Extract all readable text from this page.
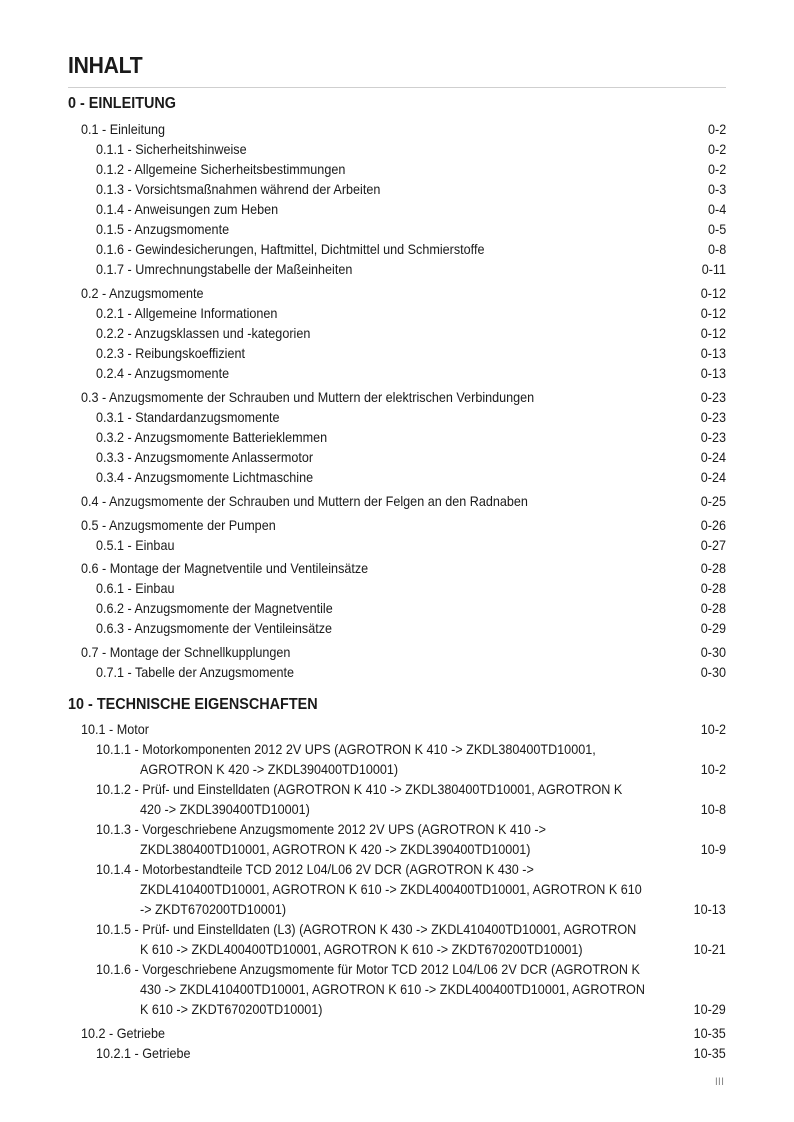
INHALT
0 - EINLEITUNG
0.1 - Einleitung	0-2
0.1.1 - Sicherheitshinweise	0-2
0.1.2 - Allgemeine Sicherheitsbestimmungen	0-2
0.1.3 - Vorsichtsmaßnahmen während der Arbeiten	0-3
0.1.4 - Anweisungen zum Heben	0-4
0.1.5 - Anzugsmomente	0-5
0.1.6 - Gewindesicherungen, Haftmittel, Dichtmittel und Schmierstoffe	0-8
0.1.7 - Umrechnungstabelle der Maßeinheiten	0-11
0.2 - Anzugsmomente	0-12
0.2.1 - Allgemeine Informationen	0-12
0.2.2 - Anzugsklassen und -kategorien	0-12
0.2.3 - Reibungskoeffizient	0-13
0.2.4 - Anzugsmomente	0-13
0.3 - Anzugsmomente der Schrauben und Muttern der elektrischen Verbindungen	0-23
0.3.1 - Standardanzugsmomente	0-23
0.3.2 - Anzugsmomente Batterieklemmen	0-23
0.3.3 - Anzugsmomente Anlassermotor	0-24
0.3.4 - Anzugsmomente Lichtmaschine	0-24
0.4 - Anzugsmomente der Schrauben und Muttern der Felgen an den Radnaben	0-25
0.5 - Anzugsmomente der Pumpen	0-26
0.5.1 - Einbau	0-27
0.6 - Montage der Magnetventile und Ventileinsätze	0-28
0.6.1 - Einbau	0-28
0.6.2 - Anzugsmomente der Magnetventile	0-28
0.6.3 - Anzugsmomente der Ventileinsätze	0-29
0.7 - Montage der Schnellkupplungen	0-30
0.7.1 - Tabelle der Anzugsmomente	0-30
10 - TECHNISCHE EIGENSCHAFTEN
10.1 - Motor	10-2
10.1.1 - Motorkomponenten 2012 2V UPS (AGROTRON K 410 -> ZKDL380400TD10001,
AGROTRON K 420 -> ZKDL390400TD10001)	10-2
10.1.2 - Prüf- und Einstelldaten (AGROTRON K 410 -> ZKDL380400TD10001, AGROTRON K
420 -> ZKDL390400TD10001)	10-8
10.1.3 - Vorgeschriebene Anzugsmomente 2012 2V UPS (AGROTRON K 410 ->
ZKDL380400TD10001, AGROTRON K 420 -> ZKDL390400TD10001)	10-9
10.1.4 - Motorbestandteile TCD 2012 L04/L06 2V DCR (AGROTRON K 430 ->
ZKDL410400TD10001, AGROTRON K 610 -> ZKDL400400TD10001, AGROTRON K 610
-> ZKDT670200TD10001)	10-13
10.1.5 - Prüf- und Einstelldaten (L3) (AGROTRON K 430 -> ZKDL410400TD10001, AGROTRON
K 610 -> ZKDL400400TD10001, AGROTRON K 610 -> ZKDT670200TD10001)	10-21
10.1.6 - Vorgeschriebene Anzugsmomente für Motor TCD 2012 L04/L06 2V DCR (AGROTRON K
430 -> ZKDL410400TD10001, AGROTRON K 610 -> ZKDL400400TD10001, AGROTRON
K 610 -> ZKDT670200TD10001)	10-29
10.2 - Getriebe	10-35
10.2.1 - Getriebe	10-35
III
